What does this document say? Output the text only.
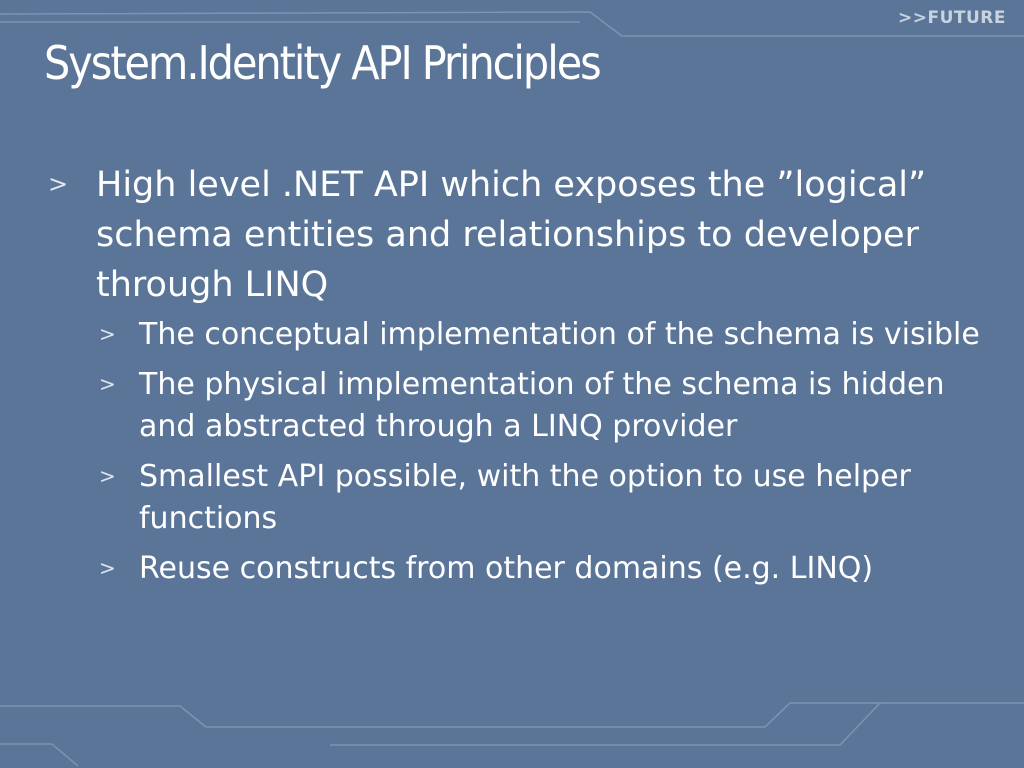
>>FUTURE
System.Identity API Principles
> High level .NET API which exposes the ”logical” schema entities and relationships to developer through LINQ
> The conceptual implementation of the schema is visible
> The physical implementation of the schema is hidden and abstracted through a LINQ provider
> Smallest API possible, with the option to use helper functions
> Reuse constructs from other domains (e.g. LINQ)
